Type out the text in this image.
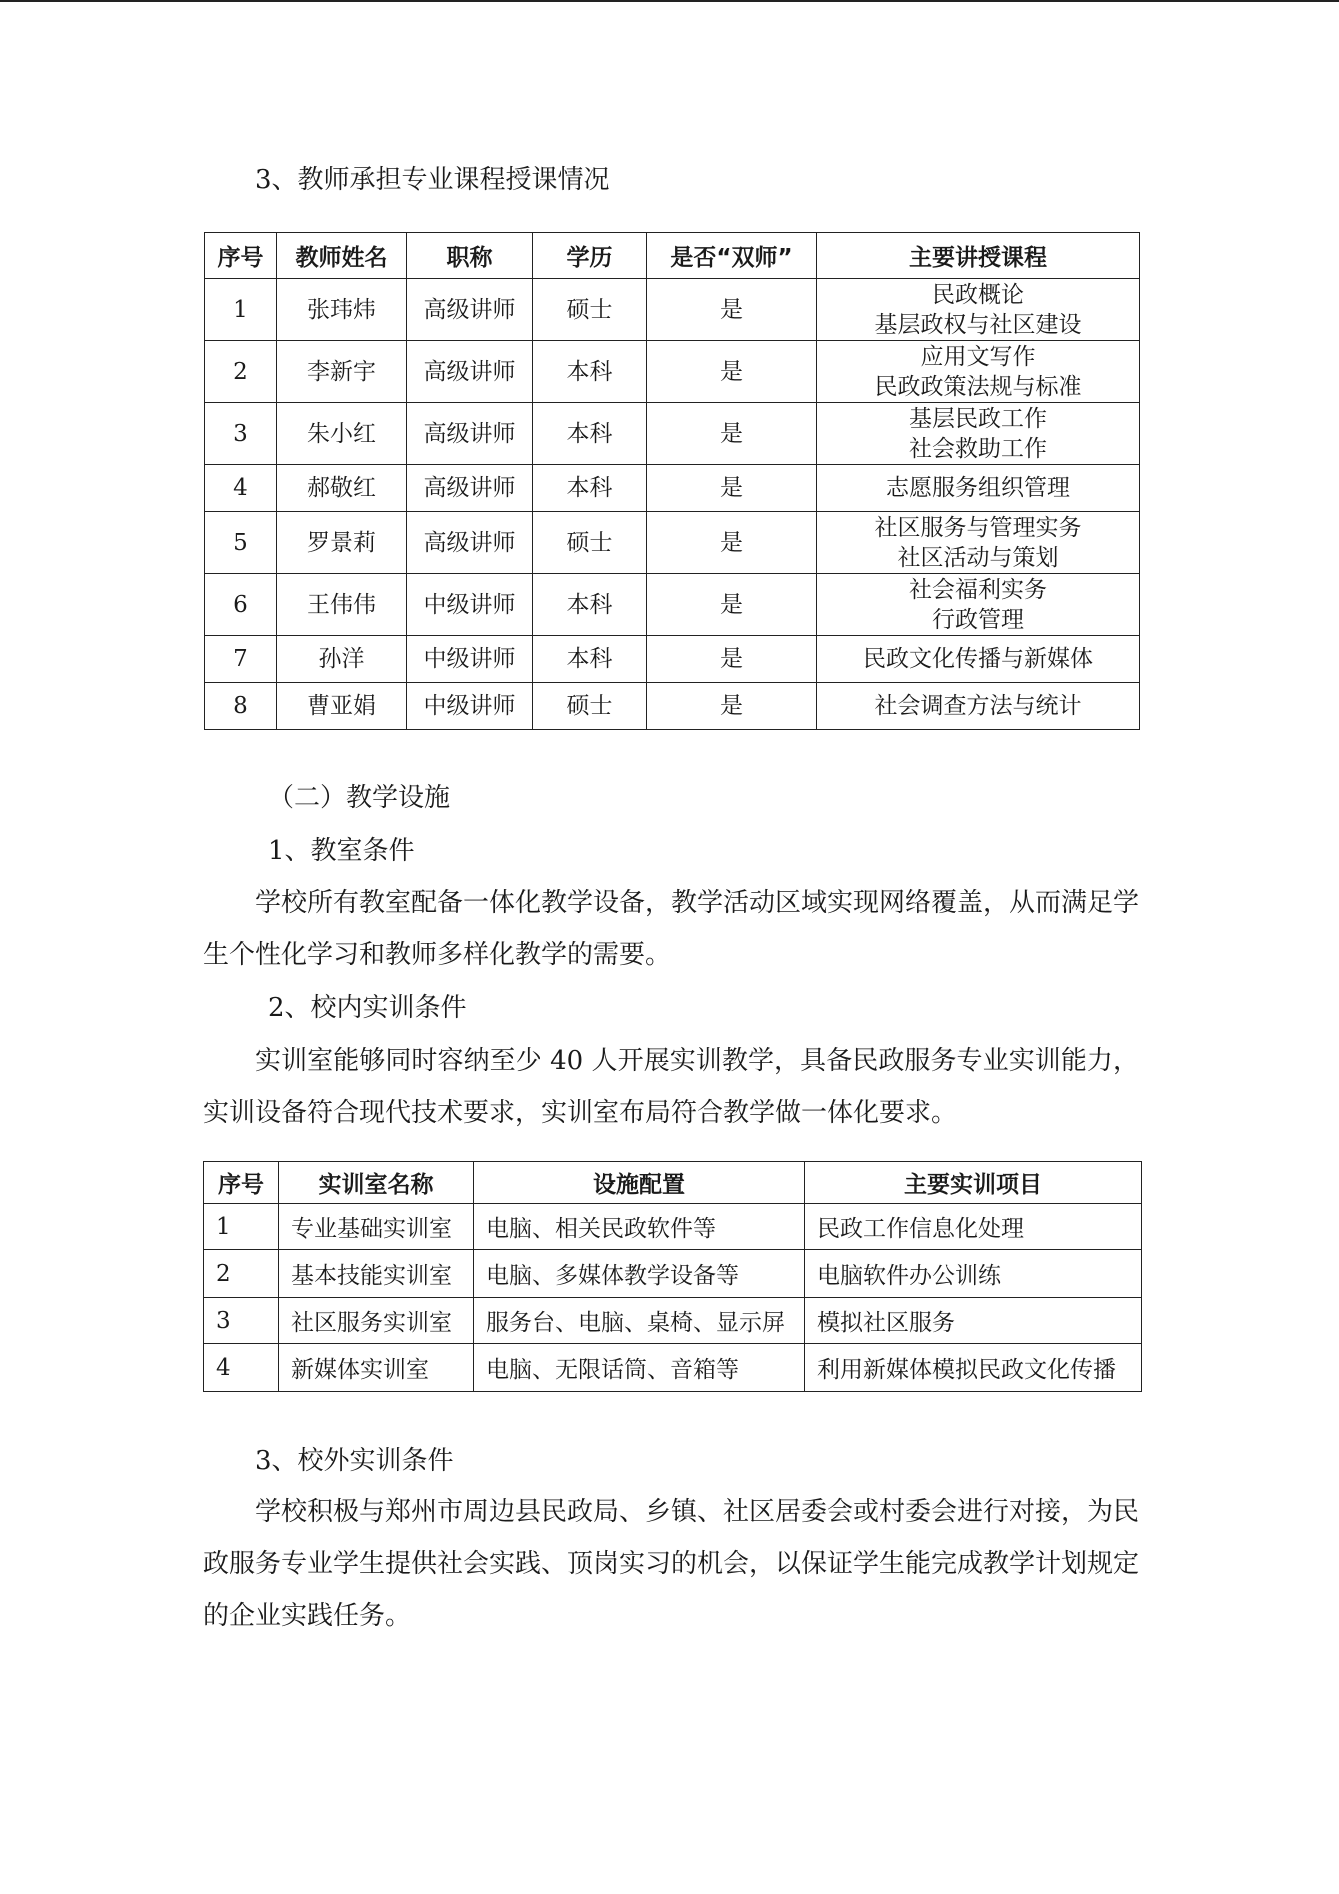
3、教师承担专业课程授课情况
序号	教师姓名	职称	学历	是否“双师”	主要讲授课程
1	张玮炜	高级讲师	硕士	是	民政概论
基层政权与社区建设

2	李新宇	高级讲师	本科	是	应用文写作
民政政策法规与标准

3	朱小红	高级讲师	本科	是	基层民政工作
社会救助工作

4	郝敬红	高级讲师	本科	是	志愿服务组织管理

5	罗景莉	高级讲师	硕士	是	社区服务与管理实务
社区活动与策划

6	王伟伟	中级讲师	本科	是	社会福利实务
行政管理

7	孙洋	中级讲师	本科	是	民政文化传播与新媒体

8	曹亚娟	中级讲师	硕士	是	社会调查方法与统计
（二）教学设施
1、教室条件
学校所有教室配备一体化教学设备，教学活动区域实现网络覆盖，从而满足学生个性化学习和教师多样化教学的需要。
2、校内实训条件
实训室能够同时容纳至少 40 人开展实训教学，具备民政服务专业实训能力，实训设备符合现代技术要求，实训室布局符合教学做一体化要求。
序号	实训室名称	设施配置	主要实训项目
1	专业基础实训室	电脑、相关民政软件等	民政工作信息化处理
2	基本技能实训室	电脑、多媒体教学设备等	电脑软件办公训练
3	社区服务实训室	服务台、电脑、桌椅、显示屏	模拟社区服务
4	新媒体实训室	电脑、无限话筒、音箱等	利用新媒体模拟民政文化传播
3、校外实训条件
学校积极与郑州市周边县民政局、乡镇、社区居委会或村委会进行对接，为民政服务专业学生提供社会实践、顶岗实习的机会，以保证学生能完成教学计划规定的企业实践任务。
